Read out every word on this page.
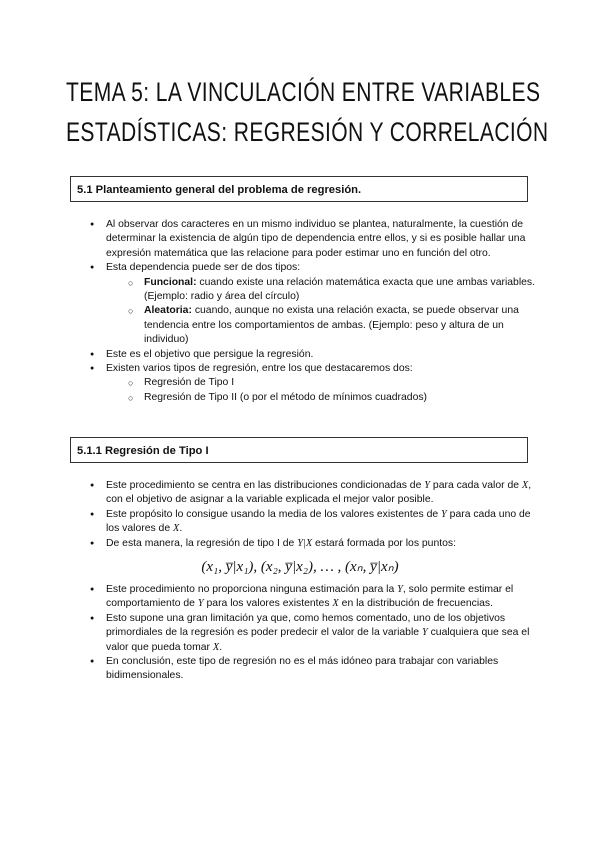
TEMA 5: LA VINCULACIÓN ENTRE VARIABLES
ESTADÍSTICAS: REGRESIÓN Y CORRELACIÓN
5.1 Planteamiento general del problema de regresión.
● Al observar dos caracteres en un mismo individuo se plantea, naturalmente, la cuestión de determinar la existencia de algún tipo de dependencia entre ellos, y si es posible hallar una expresión matemática que las relacione para poder estimar uno en función del otro.
● Esta dependencia puede ser de dos tipos:
○ Funcional: cuando existe una relación matemática exacta que une ambas variables. (Ejemplo: radio y área del círculo)
○ Aleatoria: cuando, aunque no exista una relación exacta, se puede observar una tendencia entre los comportamientos de ambas. (Ejemplo: peso y altura de un individuo)
● Este es el objetivo que persigue la regresión.
● Existen varios tipos de regresión, entre los que destacaremos dos:
○ Regresión de Tipo I
○ Regresión de Tipo II (o por el método de mínimos cuadrados)
5.1.1 Regresión de Tipo I
● Este procedimiento se centra en las distribuciones condicionadas de Y para cada valor de X, con el objetivo de asignar a la variable explicada el mejor valor posible.
● Este propósito lo consigue usando la media de los valores existentes de Y para cada uno de los valores de X.
● De esta manera, la regresión de tipo I de Y|X estará formada por los puntos:
(x₁, y̅|x₁), (x₂, y̅|x₂), … , (xₙ, y̅|xₙ)
● Este procedimiento no proporciona ninguna estimación para la Y, solo permite estimar el comportamiento de Y para los valores existentes X en la distribución de frecuencias.
● Esto supone una gran limitación ya que, como hemos comentado, uno de los objetivos primordiales de la regresión es poder predecir el valor de la variable Y cualquiera que sea el valor que pueda tomar X.
● En conclusión, este tipo de regresión no es el más idóneo para trabajar con variables bidimensionales.
